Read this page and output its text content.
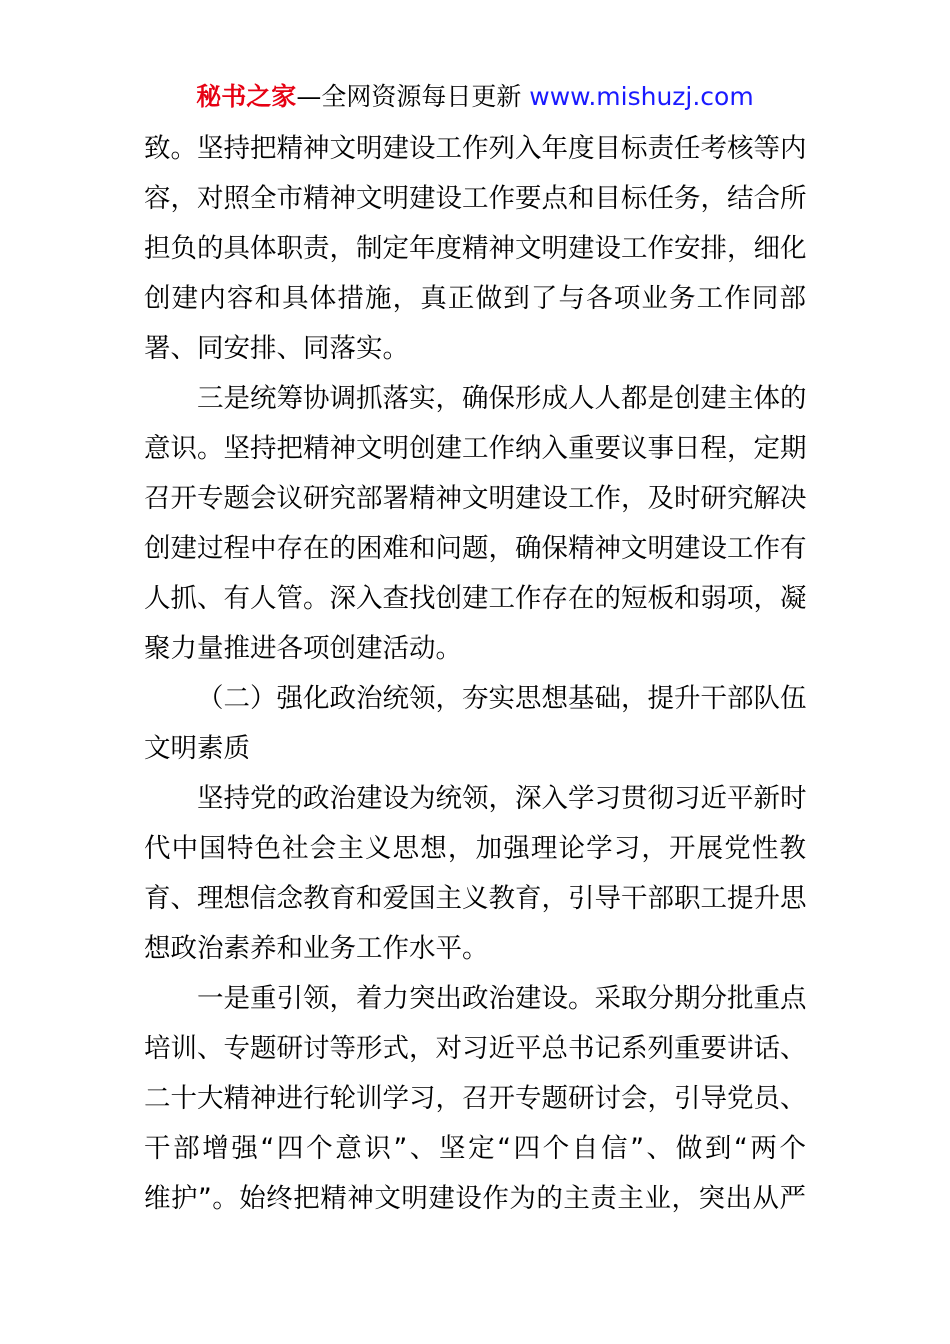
秘书之家—全网资源每日更新 www.mishuzj.com
致。坚持把精神文明建设工作列入年度目标责任考核等内
容，对照全市精神文明建设工作要点和目标任务，结合所
担负的具体职责，制定年度精神文明建设工作安排，细化
创建内容和具体措施，真正做到了与各项业务工作同部
署、同安排、同落实。
三是统筹协调抓落实，确保形成人人都是创建主体的
意识。坚持把精神文明创建工作纳入重要议事日程，定期
召开专题会议研究部署精神文明建设工作，及时研究解决
创建过程中存在的困难和问题，确保精神文明建设工作有
人抓、有人管。深入查找创建工作存在的短板和弱项，凝
聚力量推进各项创建活动。
（二）强化政治统领，夯实思想基础，提升干部队伍
文明素质
坚持党的政治建设为统领，深入学习贯彻习近平新时
代中国特色社会主义思想，加强理论学习，开展党性教
育、理想信念教育和爱国主义教育，引导干部职工提升思
想政治素养和业务工作水平。
一是重引领，着力突出政治建设。采取分期分批重点
培训、专题研讨等形式，对习近平总书记系列重要讲话、
二十大精神进行轮训学习，召开专题研讨会，引导党员、
干部增强“四个意识”、坚定“四个自信”、做到“两个
维护”。始终把精神文明建设作为的主责主业，突出从严
